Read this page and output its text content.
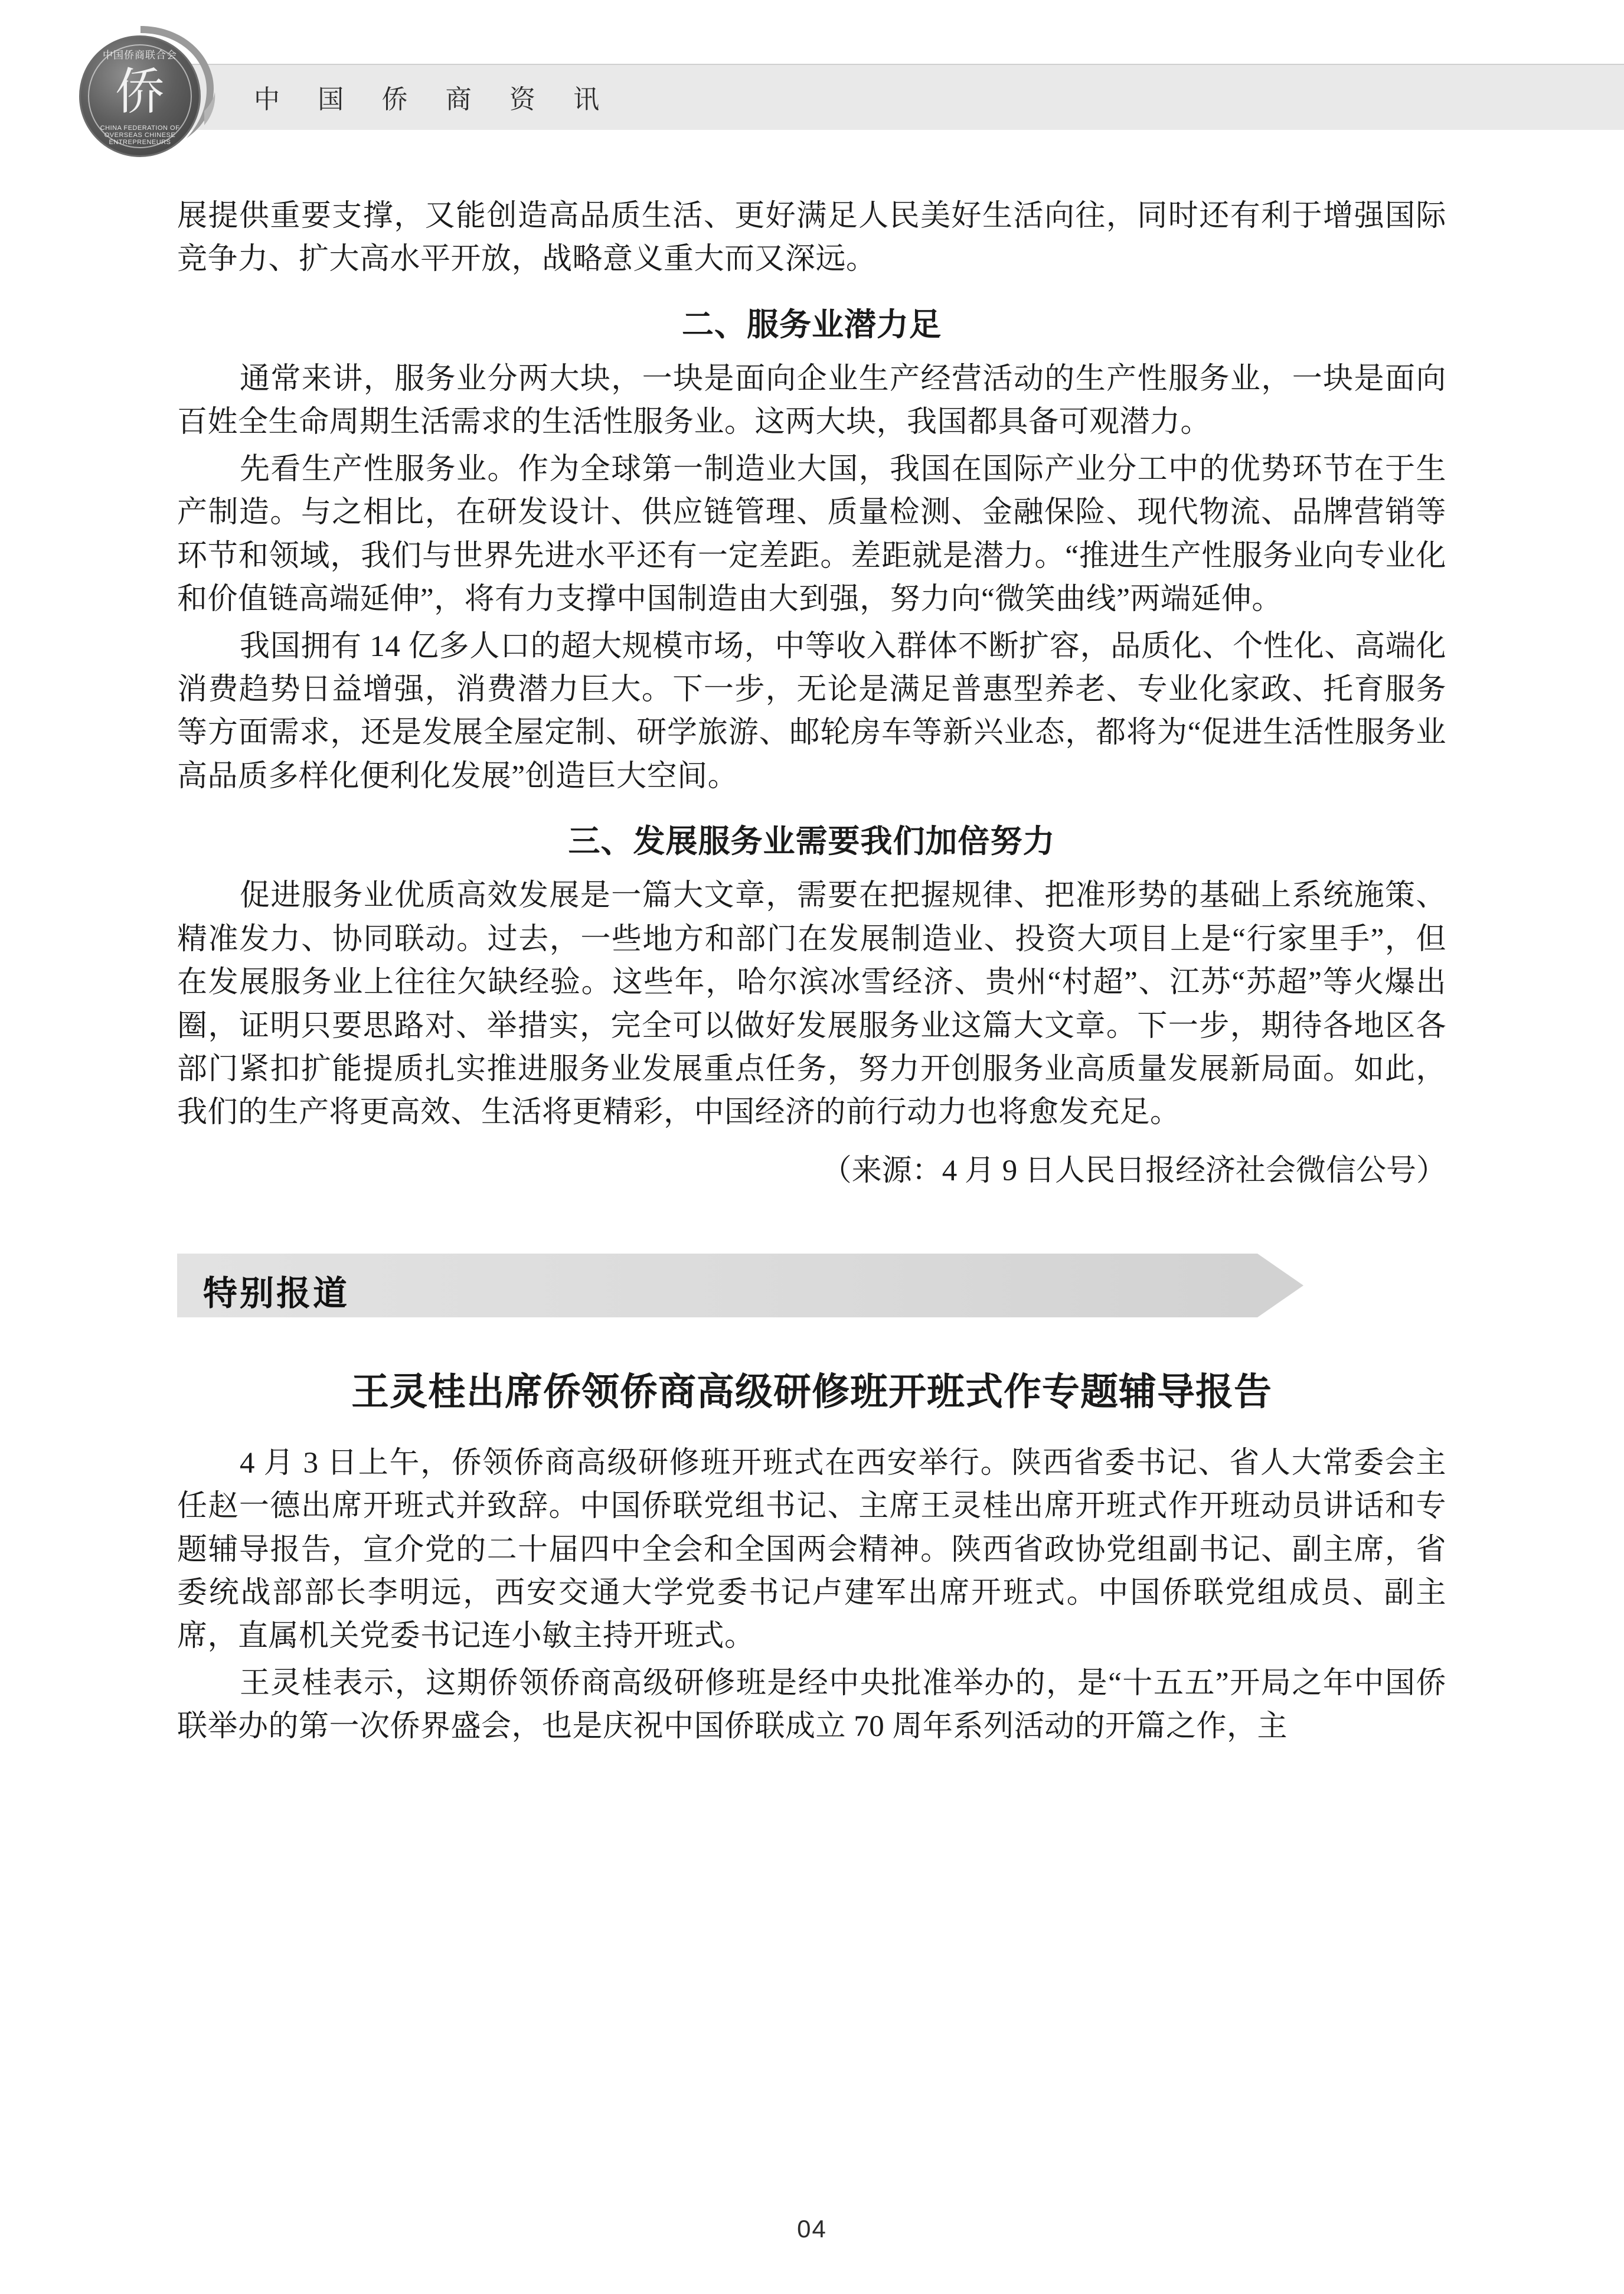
中 国 侨 商 资 讯
中国侨商联合会
侨
CHINA FEDERATION OF OVERSEAS CHINESE ENTREPRENEURS

展提供重要支撑，又能创造高品质生活、更好满足人民美好生活向往，同时还有利于增强国际竞争力、扩大高水平开放，战略意义重大而又深远。

二、服务业潜力足

通常来讲，服务业分两大块，一块是面向企业生产经营活动的生产性服务业，一块是面向百姓全生命周期生活需求的生活性服务业。这两大块，我国都具备可观潜力。

先看生产性服务业。作为全球第一制造业大国，我国在国际产业分工中的优势环节在于生产制造。与之相比，在研发设计、供应链管理、质量检测、金融保险、现代物流、品牌营销等环节和领域，我们与世界先进水平还有一定差距。差距就是潜力。“推进生产性服务业向专业化和价值链高端延伸”，将有力支撑中国制造由大到强，努力向“微笑曲线”两端延伸。

我国拥有 14 亿多人口的超大规模市场，中等收入群体不断扩容，品质化、个性化、高端化消费趋势日益增强，消费潜力巨大。下一步，无论是满足普惠型养老、专业化家政、托育服务等方面需求，还是发展全屋定制、研学旅游、邮轮房车等新兴业态，都将为“促进生活性服务业高品质多样化便利化发展”创造巨大空间。

三、发展服务业需要我们加倍努力

促进服务业优质高效发展是一篇大文章，需要在把握规律、把准形势的基础上系统施策、精准发力、协同联动。过去，一些地方和部门在发展制造业、投资大项目上是“行家里手”，但在发展服务业上往往欠缺经验。这些年，哈尔滨冰雪经济、贵州“村超”、江苏“苏超”等火爆出圈，证明只要思路对、举措实，完全可以做好发展服务业这篇大文章。下一步，期待各地区各部门紧扣扩能提质扎实推进服务业发展重点任务，努力开创服务业高质量发展新局面。如此，我们的生产将更高效、生活将更精彩，中国经济的前行动力也将愈发充足。

（来源：4 月 9 日人民日报经济社会微信公号）

特别报道
王灵桂出席侨领侨商高级研修班开班式作专题辅导报告

4 月 3 日上午，侨领侨商高级研修班开班式在西安举行。陕西省委书记、省人大常委会主任赵一德出席开班式并致辞。中国侨联党组书记、主席王灵桂出席开班式作开班动员讲话和专题辅导报告，宣介党的二十届四中全会和全国两会精神。陕西省政协党组副书记、副主席，省委统战部部长李明远，西安交通大学党委书记卢建军出席开班式。中国侨联党组成员、副主席，直属机关党委书记连小敏主持开班式。

王灵桂表示，这期侨领侨商高级研修班是经中央批准举办的，是“十五五”开局之年中国侨联举办的第一次侨界盛会，也是庆祝中国侨联成立 70 周年系列活动的开篇之作，主

04
